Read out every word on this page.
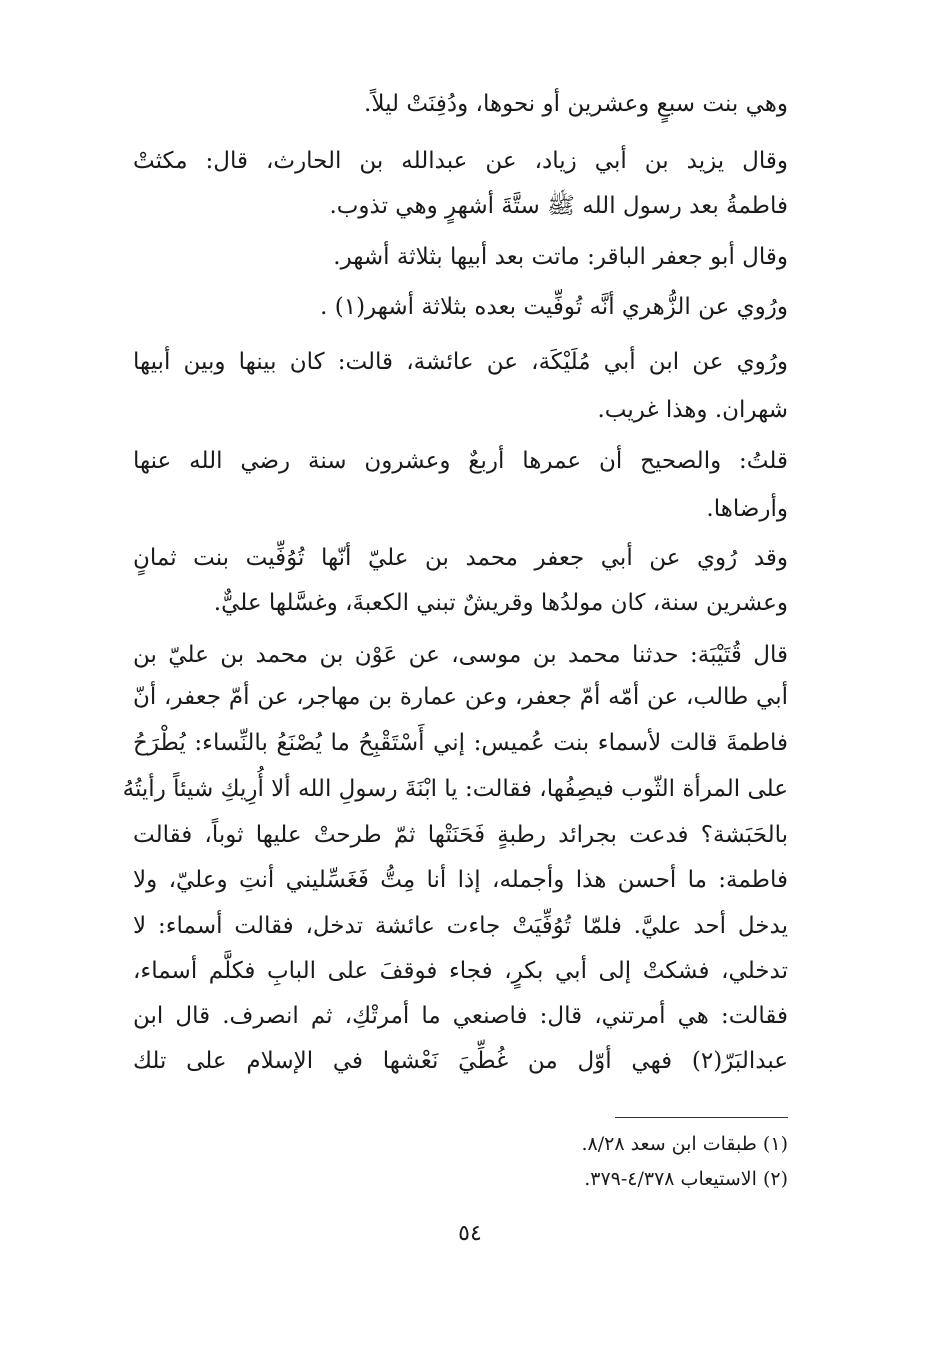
وهي بنت سبعٍ وعشرين أو نحوها، ودُفِنَتْ ليلاً.
وقال يزيد بن أبي زياد، عن عبدالله بن الحارث، قال: مكثتْ
فاطمةُ بعد رسول الله ﷺ ستَّةَ أشهرٍ وهي تذوب.
وقال أبو جعفر الباقر: ماتت بعد أبيها بثلاثة أشهر.
ورُوي عن الزُّهري أنَّه تُوفِّيت بعده بثلاثة أشهر(١) .
ورُوي عن ابن أبي مُلَيْكَة، عن عائشة، قالت: كان بينها وبين أبيها
شهران. وهذا غريب.
قلتُ: والصحيح أن عمرها أربعٌ وعشرون سنة رضي الله عنها
وأرضاها.
وقد رُوي عن أبي جعفر محمد بن عليّ أنّها تُوُفِّيت بنت ثمانٍ
وعشرين سنة، كان مولدُها وقريشٌ تبني الكعبةَ، وغسَّلها عليٌّ.
قال قُتَيْبَة: حدثنا محمد بن موسى، عن عَوْن بن محمد بن عليّ بن
أبي طالب، عن أمّه أمّ جعفر، وعن عمارة بن مهاجر، عن أمّ جعفر، أنّ
فاطمةَ قالت لأسماء بنت عُميس: إني أَسْتَقْبِحُ ما يُصْنَعُ بالنِّساء: يُطْرَحُ
على المرأة الثّوب فيصِفُها، فقالت: يا ابْنَةَ رسولِ الله ألا أُرِيكِ شيئاً رأيتُهُ
بالحَبَشة؟ فدعت بجرائد رطبةٍ فَحَنَتْها ثمّ طرحتْ عليها ثوباً، فقالت
فاطمة: ما أحسن هذا وأجمله، إذا أنا مِتُّ فَغَسِّليني أنتِ وعليّ، ولا
يدخل أحد عليَّ. فلمّا تُوُفِّيَتْ جاءت عائشة تدخل، فقالت أسماء: لا
تدخلي، فشكتْ إلى أبي بكرٍ، فجاء فوقفَ على البابِ فكلَّم أسماء،
فقالت: هي أمرتني، قال: فاصنعي ما أمرتْكِ، ثم انصرف. قال ابن
عبدالبَرّ(٢) فهي أوّل من غُطِّيَ نَعْشها في الإسلام على تلك
(١) طبقات ابن سعد ٨/٢٨.
(٢) الاستيعاب ٤/٣٧٨-٣٧٩.
٥٤
